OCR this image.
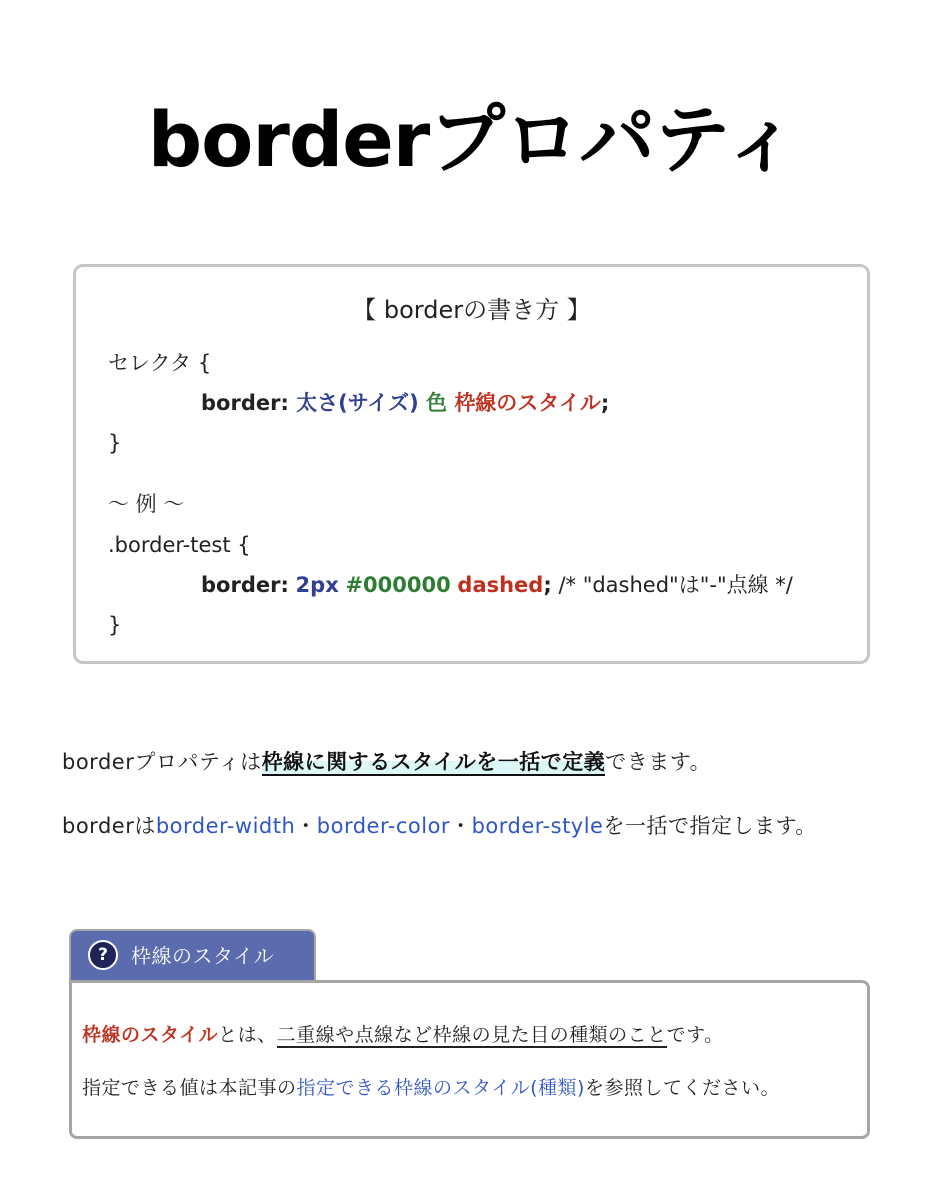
borderプロパティ
【 borderの書き方 】
セレクタ {
border: 太さ(サイズ) 色 枠線のスタイル;
}
〜 例 〜
.border-test {
border: 2px #000000 dashed; /* "dashed"は"-"点線 */
}
borderプロパティは枠線に関するスタイルを一括で定義できます。
borderはborder-width・border-color・border-styleを一括で指定します。
?	枠線のスタイル
枠線のスタイルとは、二重線や点線など枠線の見た目の種類のことです。
指定できる値は本記事の指定できる枠線のスタイル(種類)を参照してください。
